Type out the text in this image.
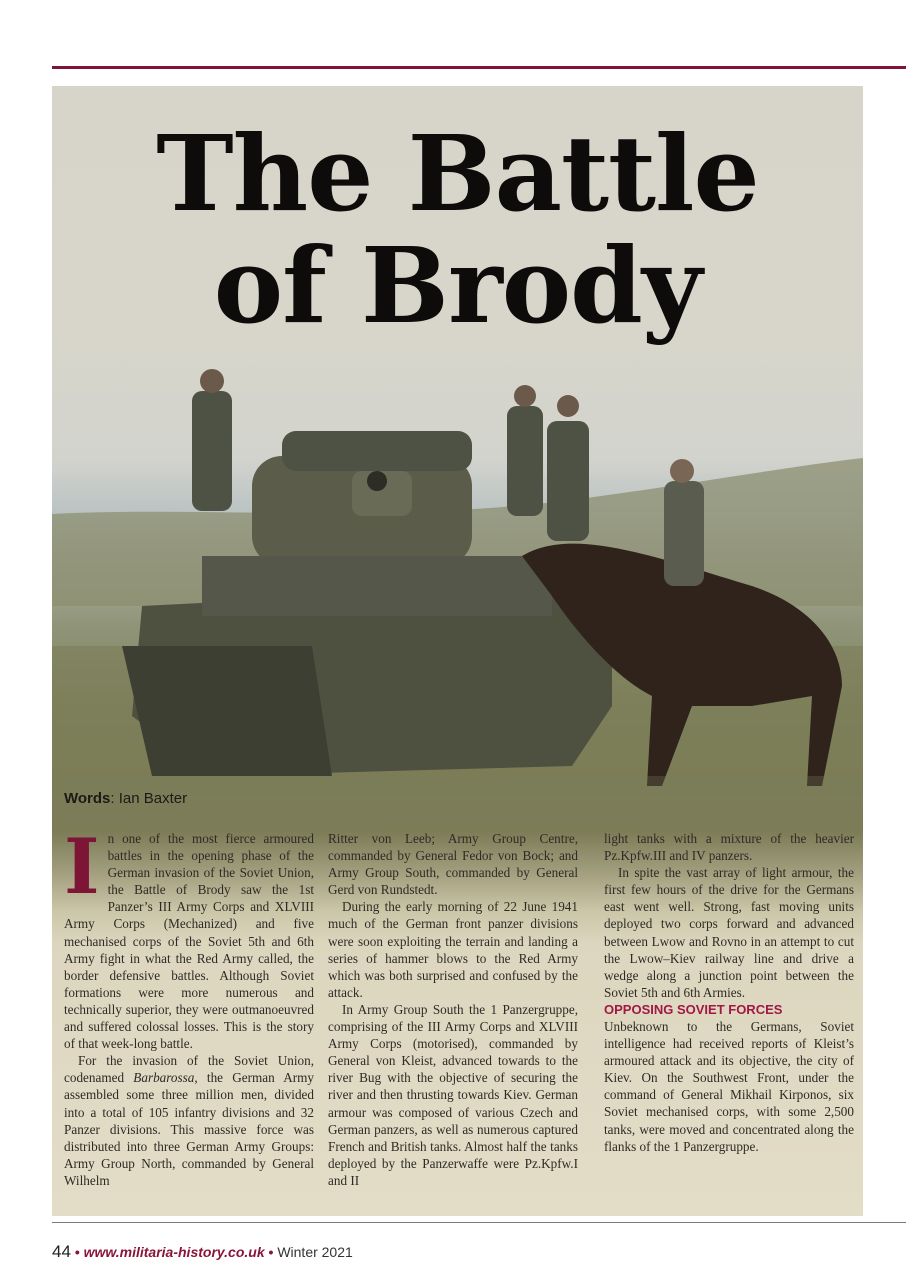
The Battle
of Brody
Words: Ian Baxter

In one of the most fierce armoured battles in the opening phase of the German invasion of the Soviet Union, the Battle of Brody saw the 1st Panzer’s III Army Corps and XLVIII Army Corps (Mechanized) and five mechanised corps of the Soviet 5th and 6th Army fight in what the Red Army called, the border defensive battles. Although Soviet formations were more numerous and technically superior, they were outmanoeuvred and suffered colossal losses. This is the story of that week-long battle.

For the invasion of the Soviet Union, codenamed Barbarossa, the German Army assembled some three million men, divided into a total of 105 infantry divisions and 32 Panzer divisions. This massive force was distributed into three German Army Groups: Army Group North, commanded by General Wilhelm

Ritter von Leeb; Army Group Centre, commanded by General Fedor von Bock; and Army Group South, commanded by General Gerd von Rundstedt.

During the early morning of 22 June 1941 much of the German front panzer divisions were soon exploiting the terrain and landing a series of hammer blows to the Red Army which was both surprised and confused by the attack.

In Army Group South the 1 Panzergruppe, comprising of the III Army Corps and XLVIII Army Corps (motorised), commanded by General von Kleist, advanced towards to the river Bug with the objective of securing the river and then thrusting towards Kiev. German armour was composed of various Czech and German panzers, as well as numerous captured French and British tanks. Almost half the tanks deployed by the Panzerwaffe were Pz.Kpfw.I and II

light tanks with a mixture of the heavier Pz.Kpfw.III and IV panzers.

In spite the vast array of light armour, the first few hours of the drive for the Germans east went well. Strong, fast moving units deployed two corps forward and advanced between Lwow and Rovno in an attempt to cut the Lwow–Kiev railway line and drive a wedge along a junction point between the Soviet 5th and 6th Armies.

OPPOSING SOVIET FORCES

Unbeknown to the Germans, Soviet intelligence had received reports of Kleist’s armoured attack and its objective, the city of Kiev. On the Southwest Front, under the command of General Mikhail Kirponos, six Soviet mechanised corps, with some 2,500 tanks, were moved and concentrated along the flanks of the 1 Panzergruppe.

44 • www.militaria-history.co.uk • Winter 2021
